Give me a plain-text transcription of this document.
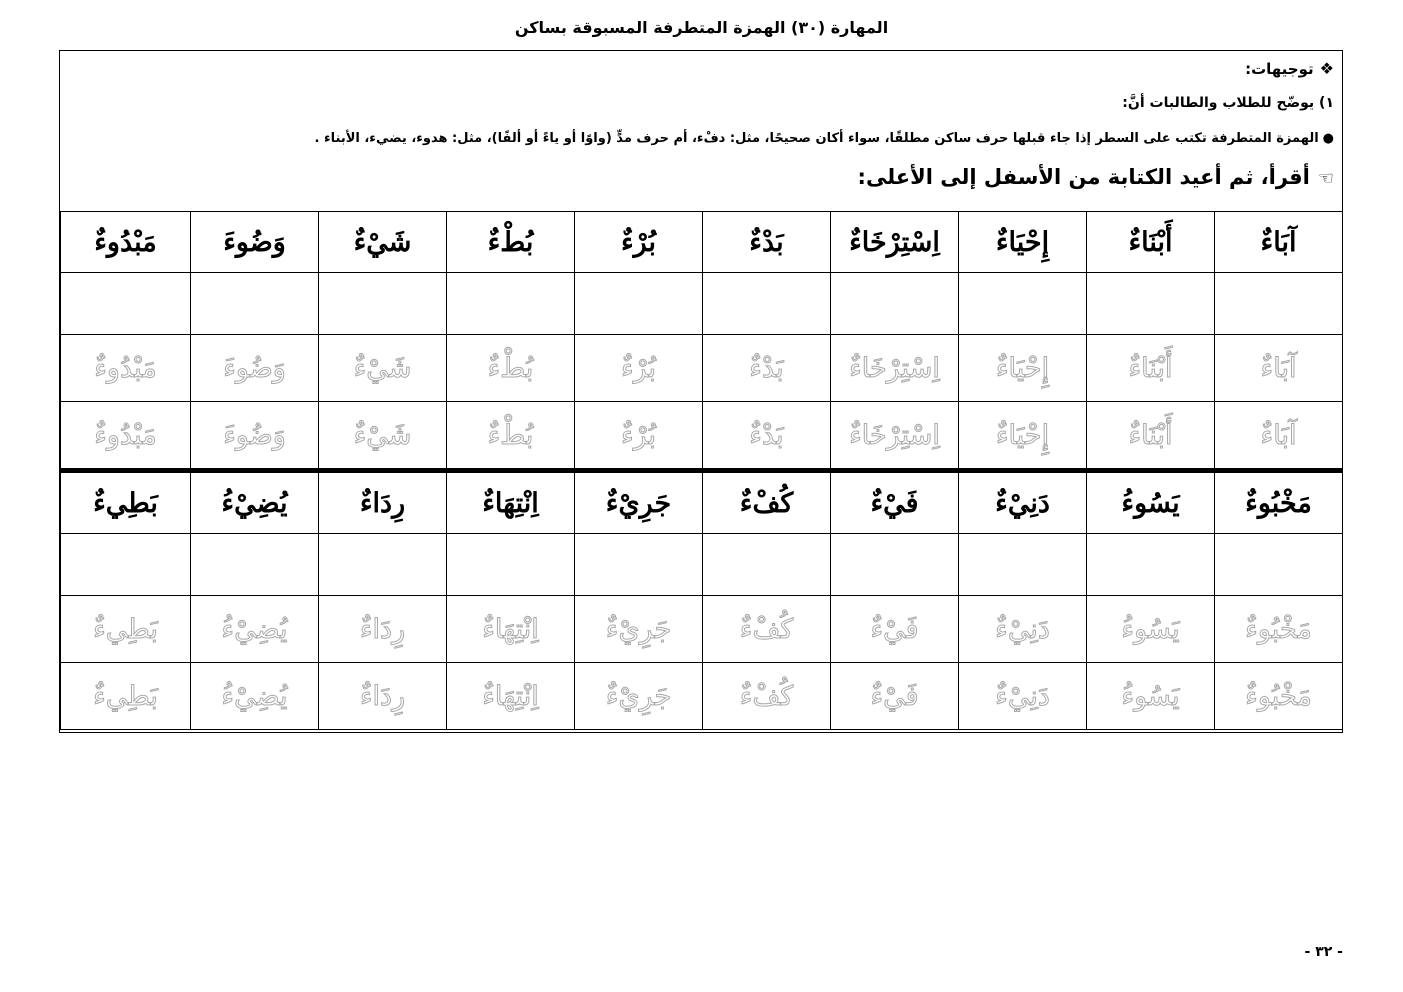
المهارة (٣٠) الهمزة المتطرفة المسبوقة بساكن
❖توجيهات:
١) يوضّح للطلاب والطالبات أنَّ:
●الهمزة المتطرفة تكتب على السطر إذا جاء قبلها حرف ساكن مطلقًا، سواء أكان صحيحًا، مثل: دفْء، أم حرف مدٍّ (واوًا أو ياءً أو ألفًا)، مثل: هدوء، يضيء، الأبناء .
☜أقرأ، ثم أعيد الكتابة من الأسفل إلى الأعلى:
آبَاءٌ	أَبْنَاءٌ	إِحْيَاءٌ	اِسْتِرْخَاءٌ	بَدْءٌ	بُرْءٌ	بُطْءٌ	شَيْءٌ	وَضُوءَ	مَبْدُوءٌ

آبَاءٌ	أَبْنَاءٌ	إِحْيَاءٌ	اِسْتِرْخَاءٌ	بَدْءٌ	بُرْءٌ	بُطْءٌ	شَيْءٌ	وَضُوءَ	مَبْدُوءٌ
آبَاءٌ	أَبْنَاءٌ	إِحْيَاءٌ	اِسْتِرْخَاءٌ	بَدْءٌ	بُرْءٌ	بُطْءٌ	شَيْءٌ	وَضُوءَ	مَبْدُوءٌ
مَخْبُوءٌ	يَسُوءُ	دَنِيْءٌ	فَيْءٌ	كُفْءٌ	جَرِيْءٌ	اِنْتِهَاءٌ	رِدَاءٌ	يُضِيْءُ	بَطِيءٌ

مَخْبُوءٌ	يَسُوءُ	دَنِيْءٌ	فَيْءٌ	كُفْءٌ	جَرِيْءٌ	اِنْتِهَاءٌ	رِدَاءٌ	يُضِيْءُ	بَطِيءٌ
مَخْبُوءٌ	يَسُوءُ	دَنِيْءٌ	فَيْءٌ	كُفْءٌ	جَرِيْءٌ	اِنْتِهَاءٌ	رِدَاءٌ	يُضِيْءُ	بَطِيءٌ
- ٣٢ -
